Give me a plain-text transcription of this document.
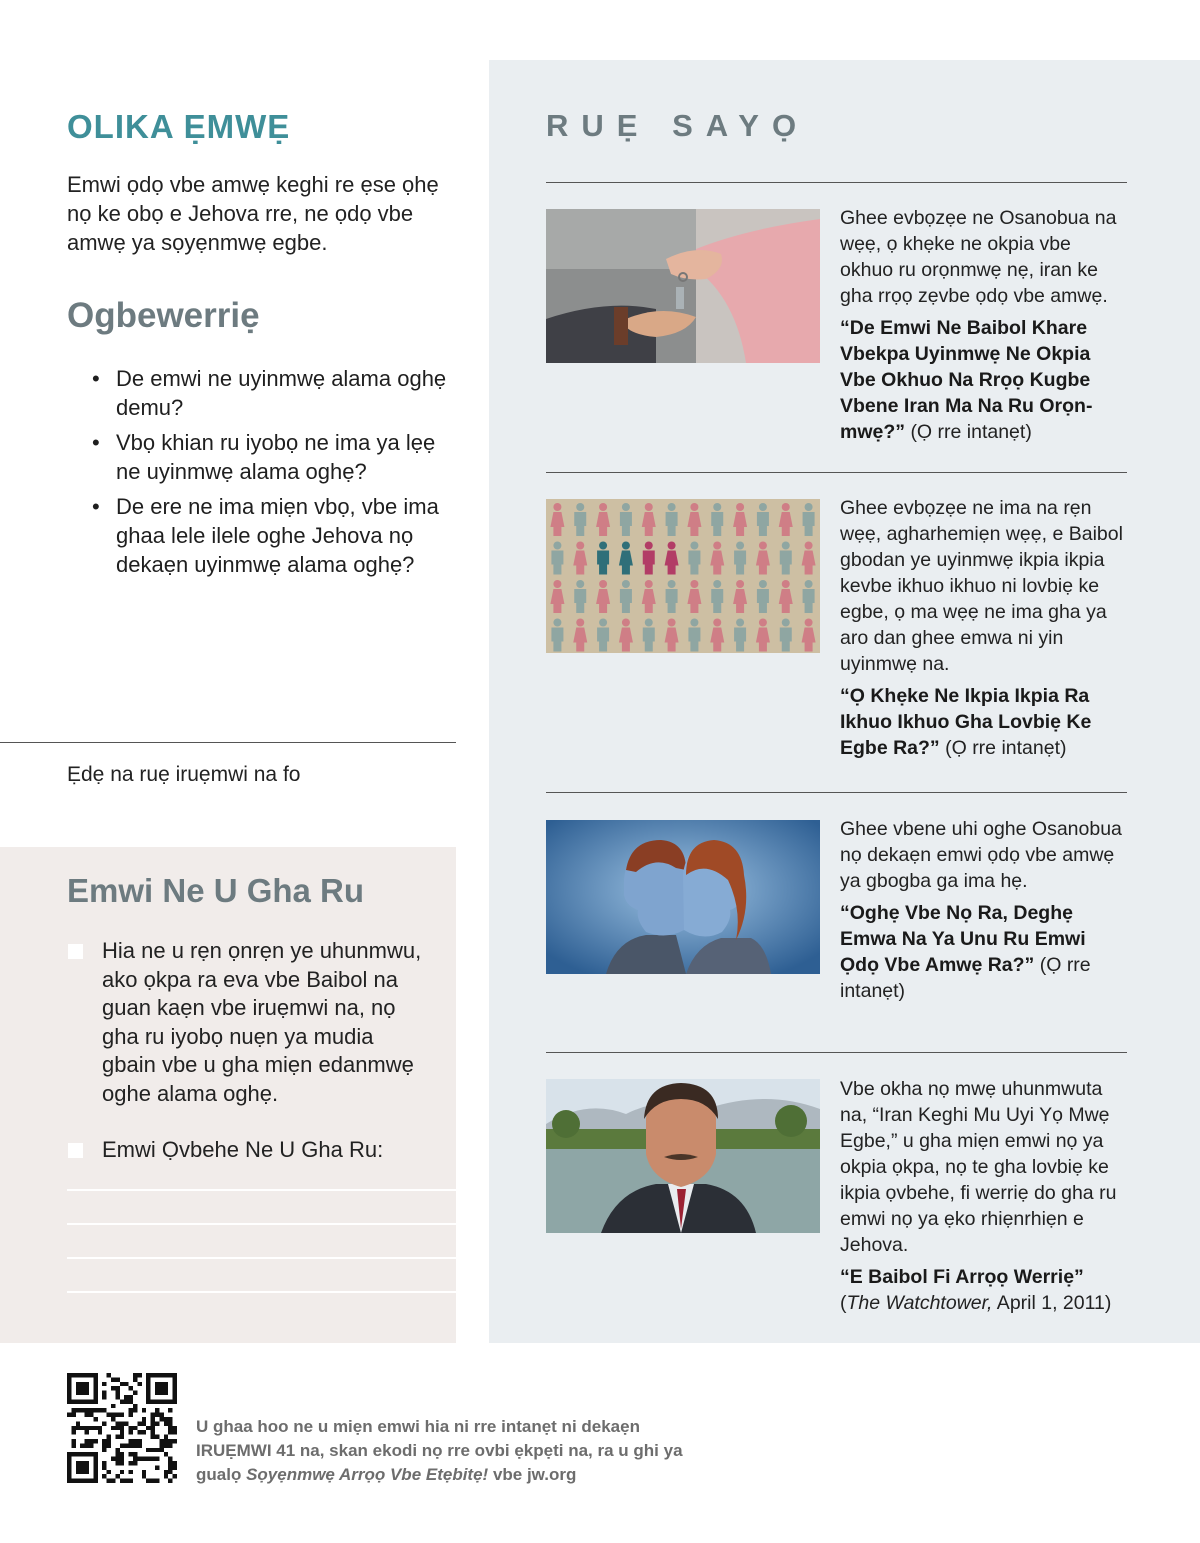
OLIKA ẸMWẸ
Emwi ọdọ vbe amwẹ keghi re ẹse ọhẹ nọ ke obọ e Jehova rre, ne ọdọ vbe amwẹ ya sọyẹnmwẹ egbe.
Ogbewerriẹ
• De emwi ne uyinmwẹ alama oghẹ demu?
• Vbọ khian ru iyobọ ne ima ya lẹẹ ne uyinmwẹ alama oghẹ?
• De ere ne ima miẹn vbọ, vbe ima ghaa lele ilele oghe Jehova nọ dekaẹn uyinmwẹ alama oghẹ?
Ẹdẹ na ruẹ iruẹmwi na fo
Emwi Ne U Gha Ru
Hia ne u rẹn ọnrẹn ye uhunmwu, ako ọkpa ra eva vbe Baibol na guan kaẹn vbe iruẹmwi na, nọ gha ru iyobọ nuẹn ya mudia gbain vbe u gha miẹn edanmwẹ oghe alama oghẹ.
Emwi Ọvbehe Ne U Gha Ru:
RUẸ SAYỌ

Ghee evbọzẹe ne Osanobua na wẹẹ, ọ khẹke ne okpia vbe okhuo ru orọnmwẹ nẹ, iran ke gha rrọọ zẹvbe ọdọ vbe amwẹ.

“De Emwi Ne Baibol Khare Vbekpa Uyinmwẹ Ne Okpia Vbe Okhuo Na Rrọọ Kugbe Vbene Iran Ma Na Ru Orọnmwẹ?” (Ọ rre intanẹt)

Ghee evbọzẹe ne ima na rẹn wẹẹ, agharhemiẹn wẹẹ, e Baibol gbodan ye uyinmwẹ ikpia ikpia kevbe ikhuo ikhuo ni lovbiẹ ke egbe, ọ ma wẹẹ ne ima gha ya aro dan ghee emwa ni yin uyinmwẹ na.

“Ọ Khẹke Ne Ikpia Ikpia Ra Ikhuo Ikhuo Gha Lovbiẹ Ke Egbe Ra?” (Ọ rre intanẹt)

Ghee vbene uhi oghe Osanobua nọ dekaẹn emwi ọdọ vbe amwẹ ya gbogba ga ima hẹ.

“Oghẹ Vbe Nọ Ra, Deghẹ Emwa Na Ya Unu Ru Emwi Ọdọ Vbe Amwẹ Ra?” (Ọ rre intanẹt)

Vbe okha nọ mwẹ uhunmwuta na, “Iran Keghi Mu Uyi Yọ Mwẹ Egbe,” u gha miẹn emwi nọ ya okpia ọkpa, nọ te gha lovbiẹ ke ikpia ọvbehe, fi werriẹ do gha ru emwi nọ ya ẹko rhiẹnrhiẹn e Jehova.

“E Baibol Fi Arrọọ Werriẹ”
(The Watchtower, April 1, 2011)
U ghaa hoo ne u miẹn emwi hia ni rre intanẹt ni dekaẹn IRUẸMWI 41 na, skan ekodi nọ rre ovbi ẹkpẹti na, ra u ghi ya gualọ Sọyẹnmwẹ Arrọọ Vbe Etẹbitẹ! vbe jw.org
